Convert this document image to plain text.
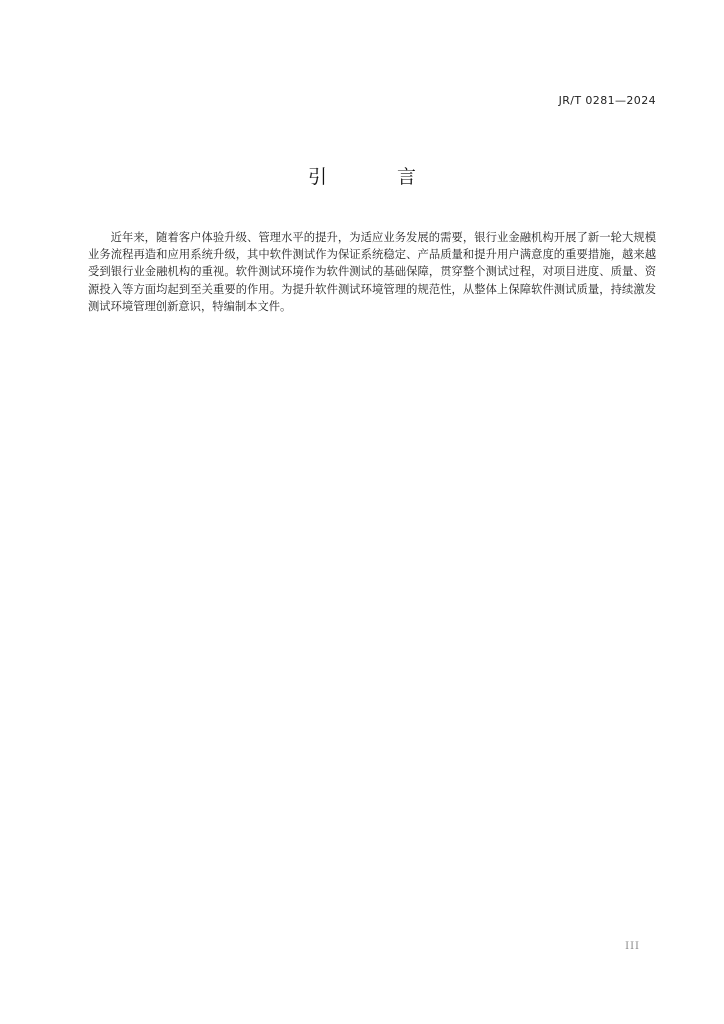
JR/T 0281—2024
引 言

近年来，随着客户体验升级、管理水平的提升，为适应业务发展的需要，银行业金融机构开展了新一轮大规模业务流程再造和应用系统升级，其中软件测试作为保证系统稳定、产品质量和提升用户满意度的重要措施，越来越受到银行业金融机构的重视。软件测试环境作为软件测试的基础保障，贯穿整个测试过程，对项目进度、质量、资源投入等方面均起到至关重要的作用。为提升软件测试环境管理的规范性，从整体上保障软件测试质量，持续激发测试环境管理创新意识，特编制本文件。

III
